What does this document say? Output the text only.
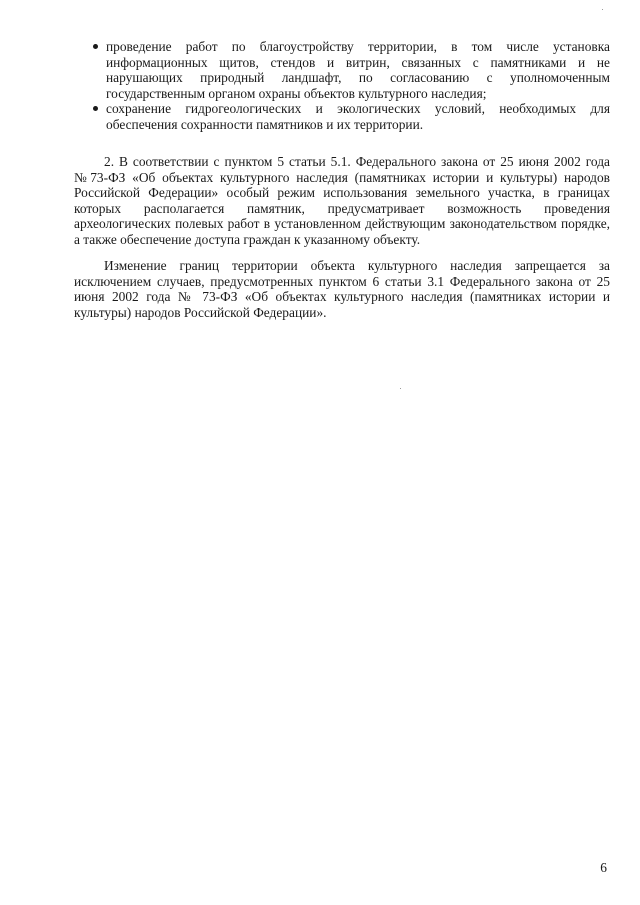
проведение работ по благоустройству территории, в том числе установка информационных щитов, стендов и витрин, связанных с памятниками и не нарушающих природный ландшафт, по согласованию с уполномоченным государственным органом охраны объектов культурного наследия;
сохранение гидрогеологических и экологических условий, необходимых для обеспечения сохранности памятников и их территории.

2. В соответствии с пунктом 5 статьи 5.1. Федерального закона от 25 июня 2002 года №73-ФЗ «Об объектах культурного наследия (памятниках истории и культуры) народов Российской Федерации» особый режим использования земельного участка, в границах которых располагается памятник, предусматривает возможность проведения археологических полевых работ в установленном действующим законодательством порядке, а также обеспечение доступа граждан к указанному объекту.

Изменение границ территории объекта культурного наследия запрещается за исключением случаев, предусмотренных пунктом 6 статьи 3.1 Федерального закона от 25 июня 2002 года № 73-ФЗ «Об объектах культурного наследия (памятниках истории и культуры) народов Российской Федерации».

6
